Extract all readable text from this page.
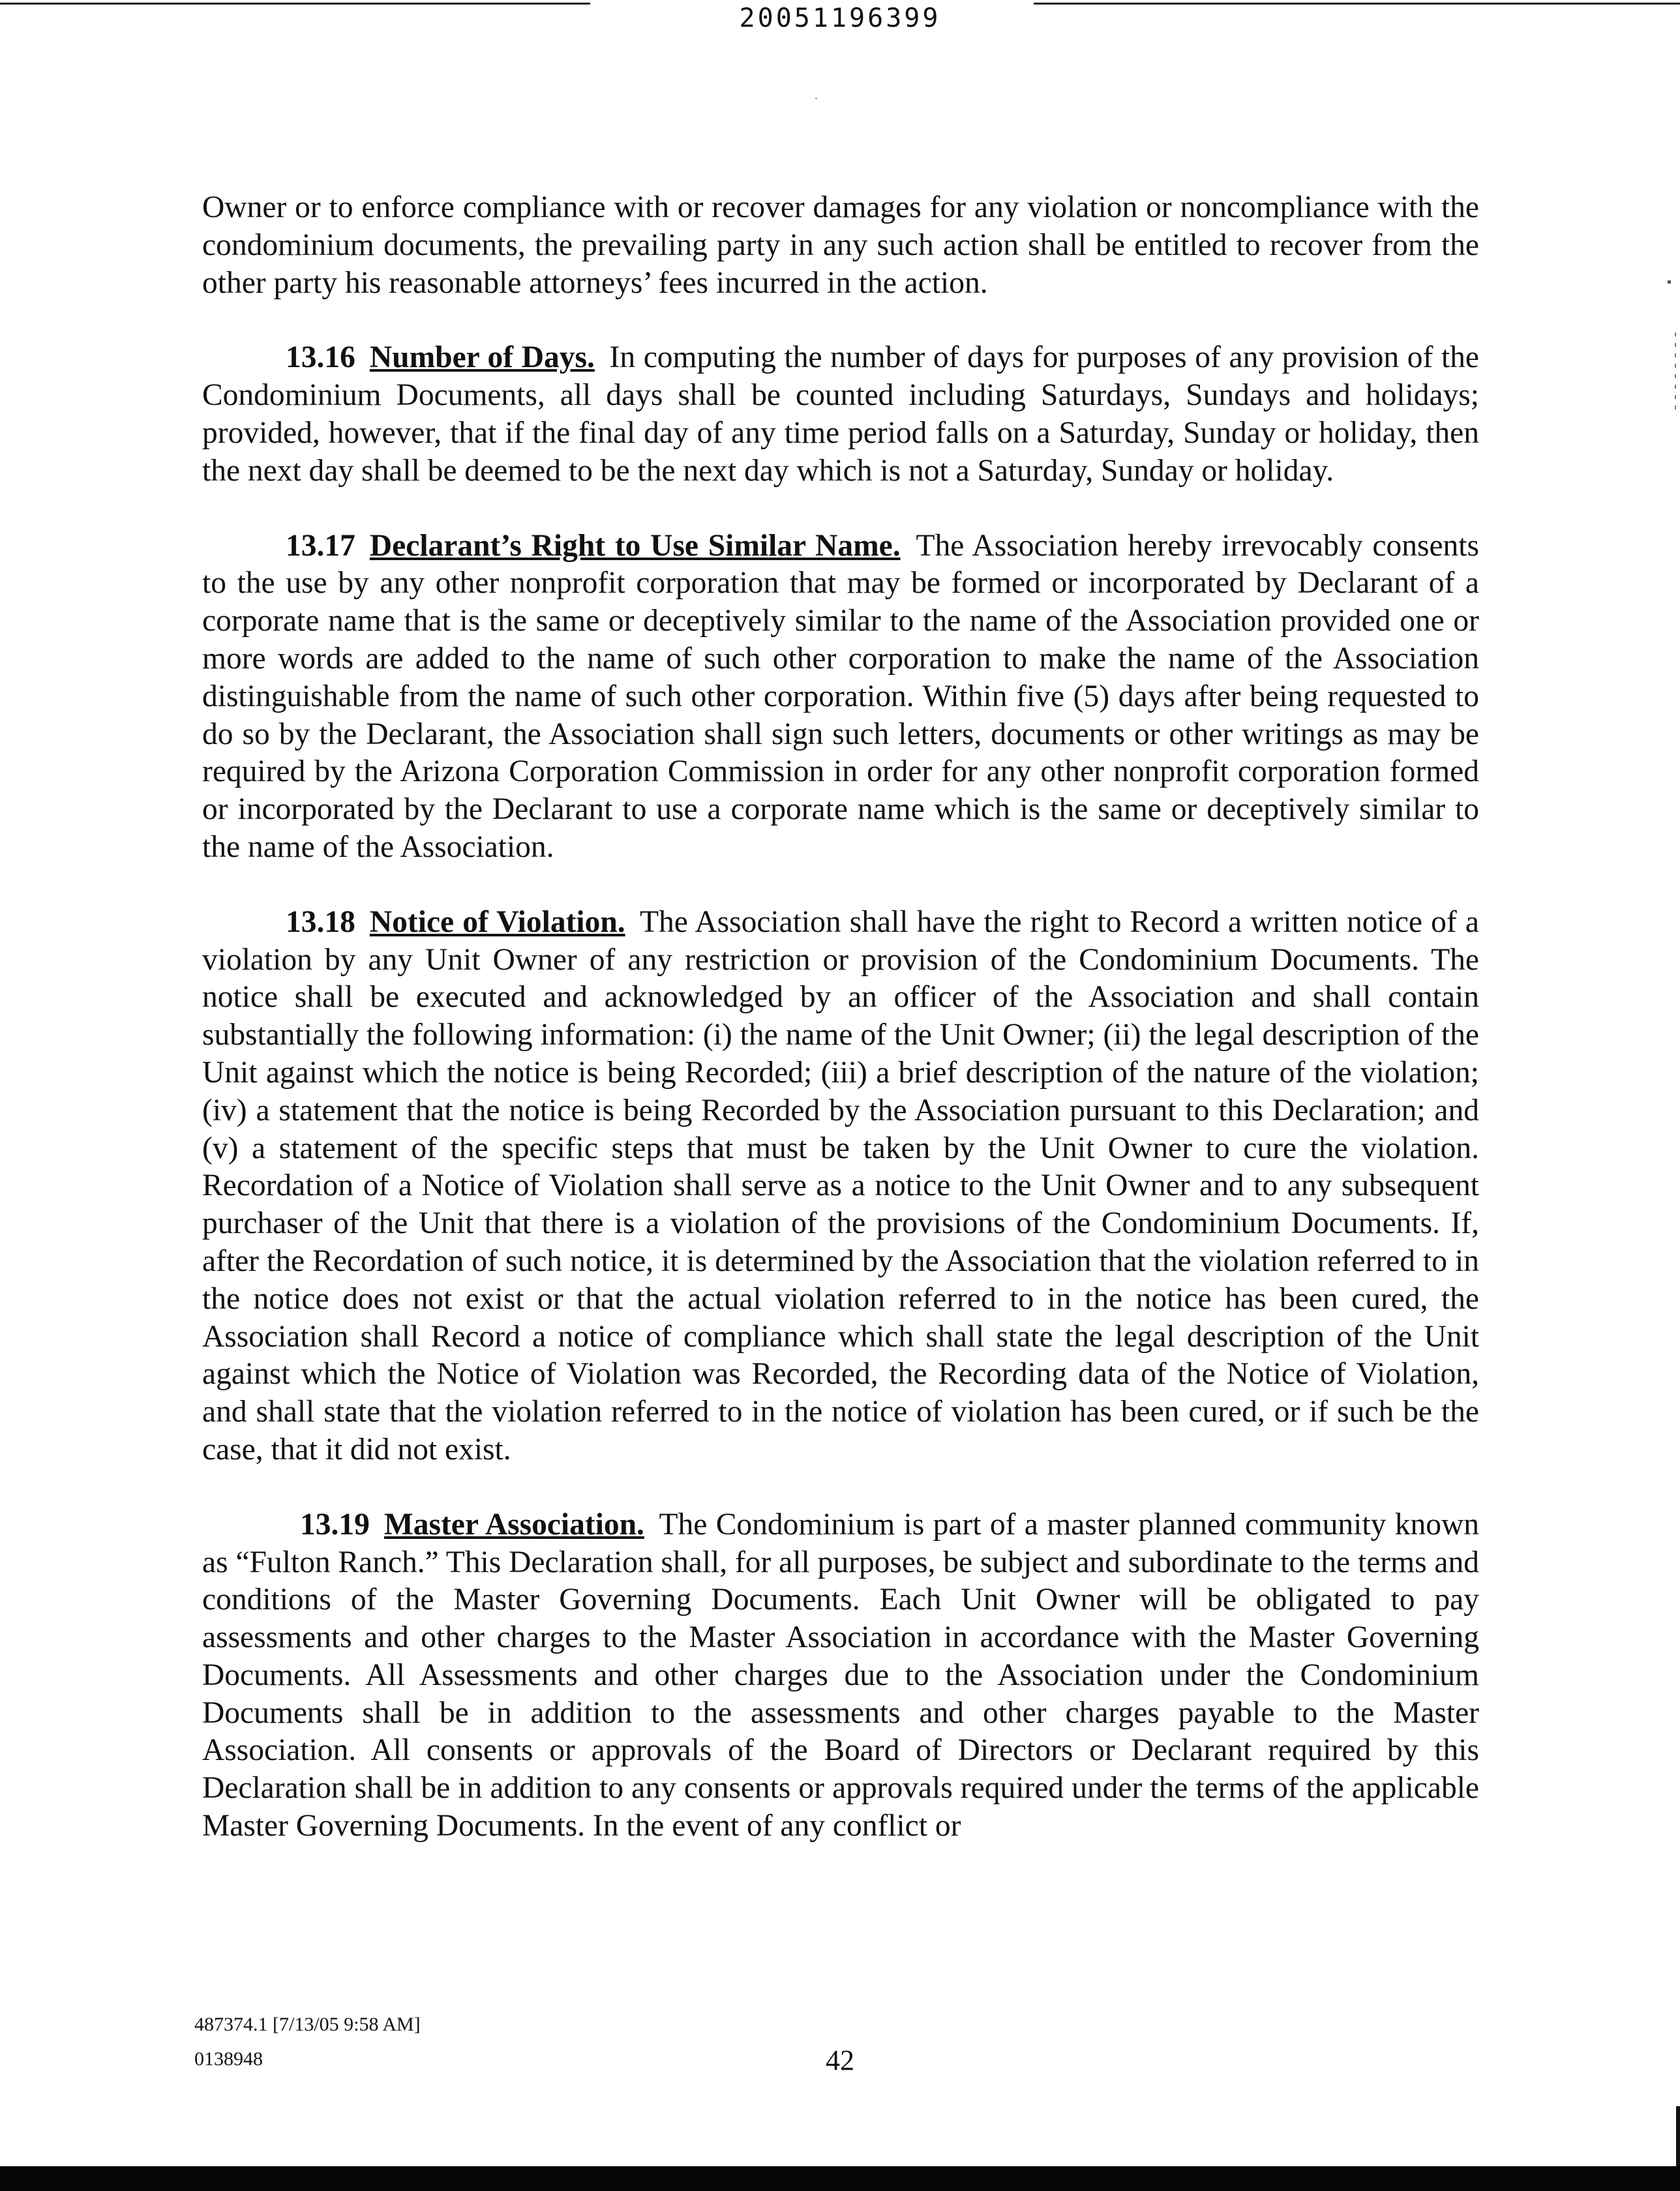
20051196399

Owner or to enforce compliance with or recover damages for any violation or noncompliance with the condominium documents, the prevailing party in any such action shall be entitled to recover from the other party his reasonable attorneys’ fees incurred in the action.

13.16 Number of Days. In computing the number of days for purposes of any provision of the Condominium Documents, all days shall be counted including Saturdays, Sundays and holidays; provided, however, that if the final day of any time period falls on a Saturday, Sunday or holiday, then the next day shall be deemed to be the next day which is not a Saturday, Sunday or holiday.

13.17 Declarant’s Right to Use Similar Name. The Association hereby irrevocably consents to the use by any other nonprofit corporation that may be formed or incorporated by Declarant of a corporate name that is the same or deceptively similar to the name of the Association provided one or more words are added to the name of such other corporation to make the name of the Association distinguishable from the name of such other corporation. Within five (5) days after being requested to do so by the Declarant, the Association shall sign such letters, documents or other writings as may be required by the Arizona Corporation Commission in order for any other nonprofit corporation formed or incorporated by the Declarant to use a corporate name which is the same or deceptively similar to the name of the Association.

13.18 Notice of Violation. The Association shall have the right to Record a written notice of a violation by any Unit Owner of any restriction or provision of the Condominium Documents. The notice shall be executed and acknowledged by an officer of the Association and shall contain substantially the following information: (i) the name of the Unit Owner; (ii) the legal description of the Unit against which the notice is being Recorded; (iii) a brief description of the nature of the violation; (iv) a statement that the notice is being Recorded by the Association pursuant to this Declaration; and (v) a statement of the specific steps that must be taken by the Unit Owner to cure the violation. Recordation of a Notice of Violation shall serve as a notice to the Unit Owner and to any subsequent purchaser of the Unit that there is a violation of the provisions of the Condominium Documents. If, after the Recordation of such notice, it is determined by the Association that the violation referred to in the notice does not exist or that the actual violation referred to in the notice has been cured, the Association shall Record a notice of compliance which shall state the legal description of the Unit against which the Notice of Violation was Recorded, the Recording data of the Notice of Violation, and shall state that the violation referred to in the notice of violation has been cured, or if such be the case, that it did not exist.

13.19 Master Association. The Condominium is part of a master planned community known as “Fulton Ranch.” This Declaration shall, for all purposes, be subject and subordinate to the terms and conditions of the Master Governing Documents. Each Unit Owner will be obligated to pay assessments and other charges to the Master Association in accordance with the Master Governing Documents. All Assessments and other charges due to the Association under the Condominium Documents shall be in addition to the assessments and other charges payable to the Master Association. All consents or approvals of the Board of Directors or Declarant required by this Declaration shall be in addition to any consents or approvals required under the terms of the applicable Master Governing Documents. In the event of any conflict or

487374.1 [7/13/05 9:58 AM]
0138948	42
